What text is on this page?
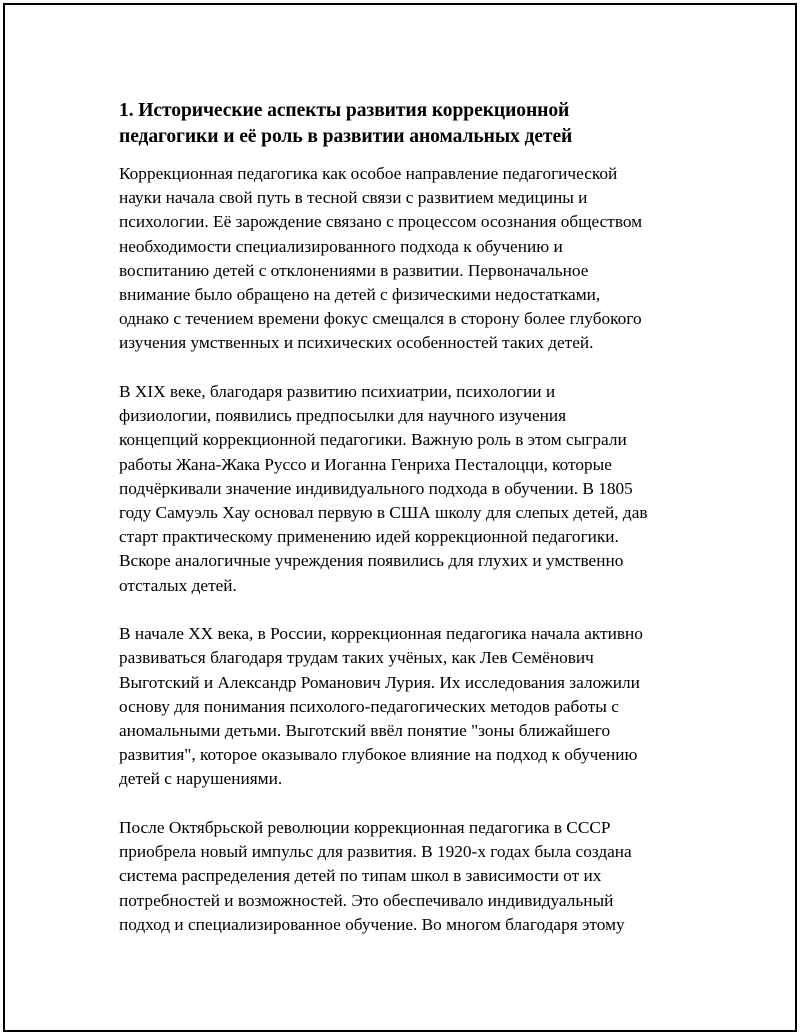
1. Исторические аспекты развития коррекционной
педагогики и её роль в развитии аномальных детей

Коррекционная педагогика как особое направление педагогической
науки начала свой путь в тесной связи с развитием медицины и
психологии. Её зарождение связано с процессом осознания обществом
необходимости специализированного подхода к обучению и
воспитанию детей с отклонениями в развитии. Первоначальное
внимание было обращено на детей с физическими недостатками,
однако с течением времени фокус смещался в сторону более глубокого
изучения умственных и психических особенностей таких детей.

В XIX веке, благодаря развитию психиатрии, психологии и
физиологии, появились предпосылки для научного изучения
концепций коррекционной педагогики. Важную роль в этом сыграли
работы Жана-Жака Руссо и Иоганна Генриха Песталоцци, которые
подчёркивали значение индивидуального подхода в обучении. В 1805
году Самуэль Хау основал первую в США школу для слепых детей, дав
старт практическому применению идей коррекционной педагогики.
Вскоре аналогичные учреждения появились для глухих и умственно
отсталых детей.

В начале XX века, в России, коррекционная педагогика начала активно
развиваться благодаря трудам таких учёных, как Лев Семёнович
Выготский и Александр Романович Лурия. Их исследования заложили
основу для понимания психолого-педагогических методов работы с
аномальными детьми. Выготский ввёл понятие "зоны ближайшего
развития", которое оказывало глубокое влияние на подход к обучению
детей с нарушениями.

После Октябрьской революции коррекционная педагогика в СССР
приобрела новый импульс для развития. В 1920-х годах была создана
система распределения детей по типам школ в зависимости от их
потребностей и возможностей. Это обеспечивало индивидуальный
подход и специализированное обучение. Во многом благодаря этому
